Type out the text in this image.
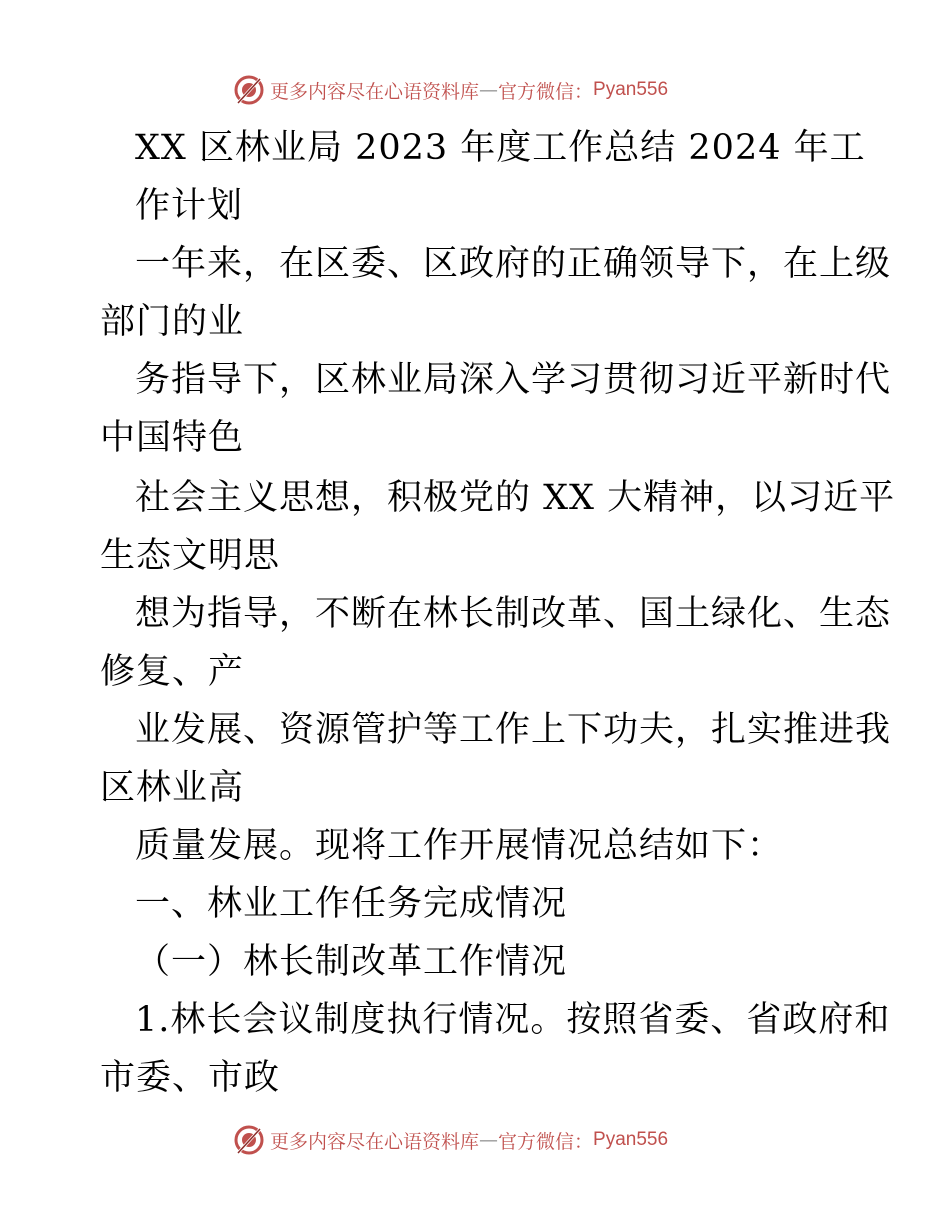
更多内容尽在心语资料库 — 官方微信： Pyan556
XX 区林业局 2023 年度工作总结 2024 年工
作计划
一年来，在区委、区政府的正确领导下，在上级
部门的业
务指导下，区林业局深入学习贯彻习近平新时代
中国特色
社会主义思想，积极党的 XX 大精神，以习近平
生态文明思
想为指导，不断在林长制改革、国土绿化、生态
修复、产
业发展、资源管护等工作上下功夫，扎实推进我
区林业高
质量发展。现将工作开展情况总结如下：
一、林业工作任务完成情况
（一）林长制改革工作情况
1.林长会议制度执行情况。按照省委、省政府和
市委、市政
更多内容尽在心语资料库 — 官方微信： Pyan556
